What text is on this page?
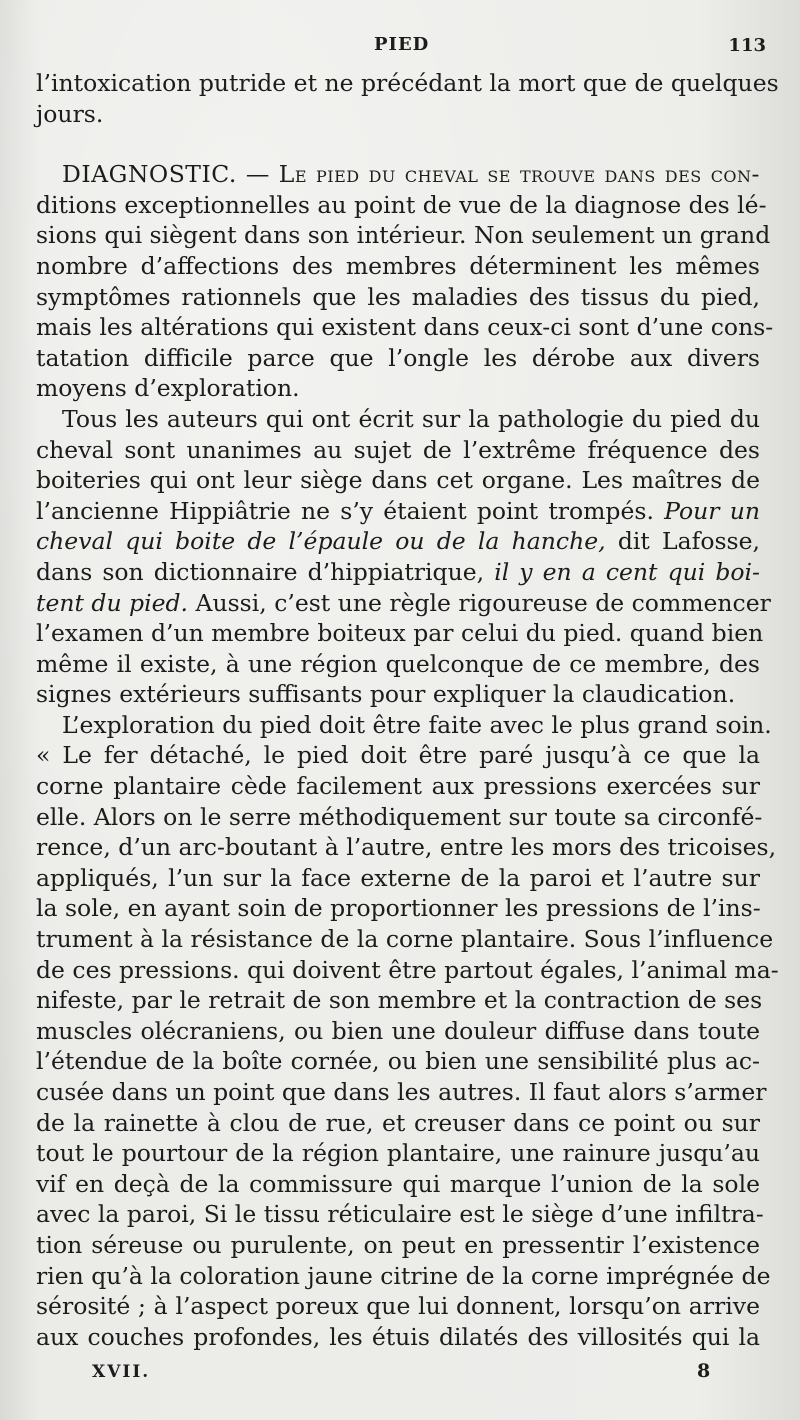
PIED	113
l’intoxication putride et ne précédant la mort que de quelques
jours.
DIAGNOSTIC. — Le pied du cheval se trouve dans des con-
ditions exceptionnelles au point de vue de la diagnose des lé-
sions qui siègent dans son intérieur. Non seulement un grand
nombre d’affections des membres déterminent les mêmes
symptômes rationnels que les maladies des tissus du pied,
mais les altérations qui existent dans ceux-ci sont d’une cons-
tatation difficile parce que l’ongle les dérobe aux divers
moyens d’exploration.
Tous les auteurs qui ont écrit sur la pathologie du pied du
cheval sont unanimes au sujet de l’extrême fréquence des
boiteries qui ont leur siège dans cet organe. Les maîtres de
l’ancienne Hippiâtrie ne s’y étaient point trompés. Pour un
cheval qui boite de l’épaule ou de la hanche, dit Lafosse,
dans son dictionnaire d’hippiatrique, il y en a cent qui boi-
tent du pied. Aussi, c’est une règle rigoureuse de commencer
l’examen d’un membre boiteux par celui du pied. quand bien
même il existe, à une région quelconque de ce membre, des
signes extérieurs suffisants pour expliquer la claudication.
L’exploration du pied doit être faite avec le plus grand soin.
« Le fer détaché, le pied doit être paré jusqu’à ce que la
corne plantaire cède facilement aux pressions exercées sur
elle. Alors on le serre méthodiquement sur toute sa circonfé-
rence, d’un arc-boutant à l’autre, entre les mors des tricoises,
appliqués, l’un sur la face externe de la paroi et l’autre sur
la sole, en ayant soin de proportionner les pressions de l’ins-
trument à la résistance de la corne plantaire. Sous l’influence
de ces pressions. qui doivent être partout égales, l’animal ma-
nifeste, par le retrait de son membre et la contraction de ses
muscles olécraniens, ou bien une douleur diffuse dans toute
l’étendue de la boîte cornée, ou bien une sensibilité plus ac-
cusée dans un point que dans les autres. Il faut alors s’armer
de la rainette à clou de rue, et creuser dans ce point ou sur
tout le pourtour de la région plantaire, une rainure jusqu’au
vif en deçà de la commissure qui marque l’union de la sole
avec la paroi, Si le tissu réticulaire est le siège d’une infiltra-
tion séreuse ou purulente, on peut en pressentir l’existence
rien qu’à la coloration jaune citrine de la corne imprégnée de
sérosité ; à l’aspect poreux que lui donnent, lorsqu’on arrive
aux couches profondes, les étuis dilatés des villosités qui la
XVII.	8
